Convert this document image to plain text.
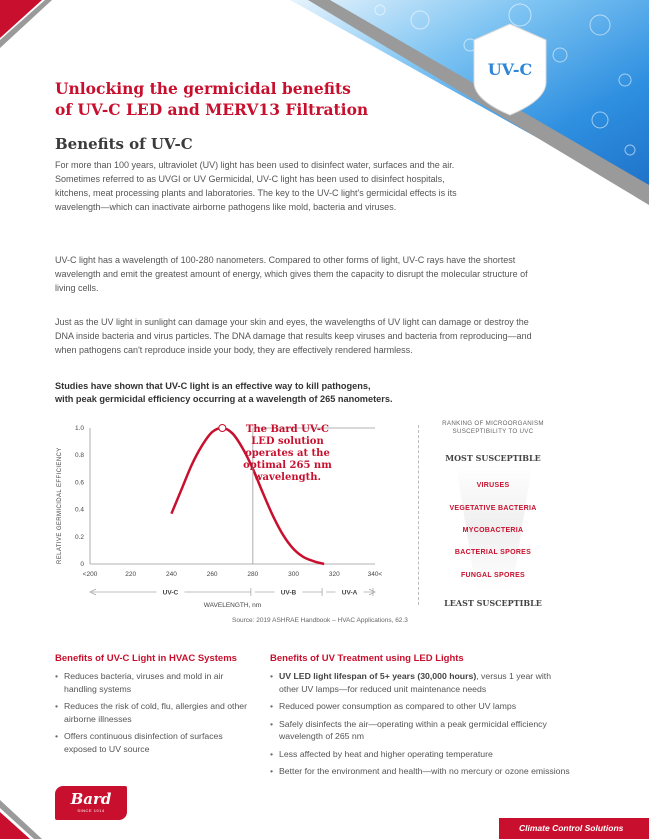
UV-C
Unlocking the germicidal benefits
of UV-C LED and MERV13 Filtration
Benefits of UV-C
For more than 100 years, ultraviolet (UV) light has been used to disinfect water, surfaces and the air. Sometimes referred to as UVGI or UV Germicidal, UV-C light has been used to disinfect hospitals, kitchens, meat processing plants and laboratories. The key to the UV-C light's germicidal effects is its wavelength—which can inactivate airborne pathogens like mold, bacteria and viruses.
UV-C light has a wavelength of 100-280 nanometers. Compared to other forms of light, UV-C rays have the shortest wavelength and emit the greatest amount of energy, which gives them the capacity to disrupt the molecular structure of living cells.
Just as the UV light in sunlight can damage your skin and eyes, the wavelengths of UV light can damage or destroy the DNA inside bacteria and virus particles. The DNA damage that results keep viruses and bacteria from reproducing—and when pathogens can't reproduce inside your body, they are effectively rendered harmless.
Studies have shown that UV-C light is an effective way to kill pathogens,
with peak germicidal efficiency occurring at a wavelength of 265 nanometers.
<200	220	240	260	280	300	320	340<
0
0.2
0.4
0.6
0.8
1.0
RELATIVE GERMICIDAL EFFICIENCY
WAVELENGTH, nm
The Bard UV-C
LED solution
operates at the
optimal 265 nm
wavelength.
UV-C	UV-B	UV-A
Source: 2019 ASHRAE Handbook – HVAC Applications, 62.3
RANKING OF MICROORGANISM
SUSCEPTIBILITY TO UVC
MOST SUSCEPTIBLE
VIRUSES
VEGETATIVE BACTERIA
MYCOBACTERIA
BACTERIAL SPORES
FUNGAL SPORES
LEAST SUSCEPTIBLE
Benefits of UV-C Light in HVAC Systems
• Reduces bacteria, viruses and mold in air handling systems
• Reduces the risk of cold, flu, allergies and other airborne illnesses
• Offers continuous disinfection of surfaces exposed to UV source
Benefits of UV Treatment using LED Lights
• UV LED light lifespan of 5+ years (30,000 hours), versus 1 year with other UV lamps—for reduced unit maintenance needs
• Reduced power consumption as compared to other UV lamps
• Safely disinfects the air—operating within a peak germicidal efficiency wavelength of 265 nm
• Less affected by heat and higher operating temperature
• Better for the environment and health—with no mercury or ozone emissions
Bard
SINCE 1914
Climate Control Solutions
